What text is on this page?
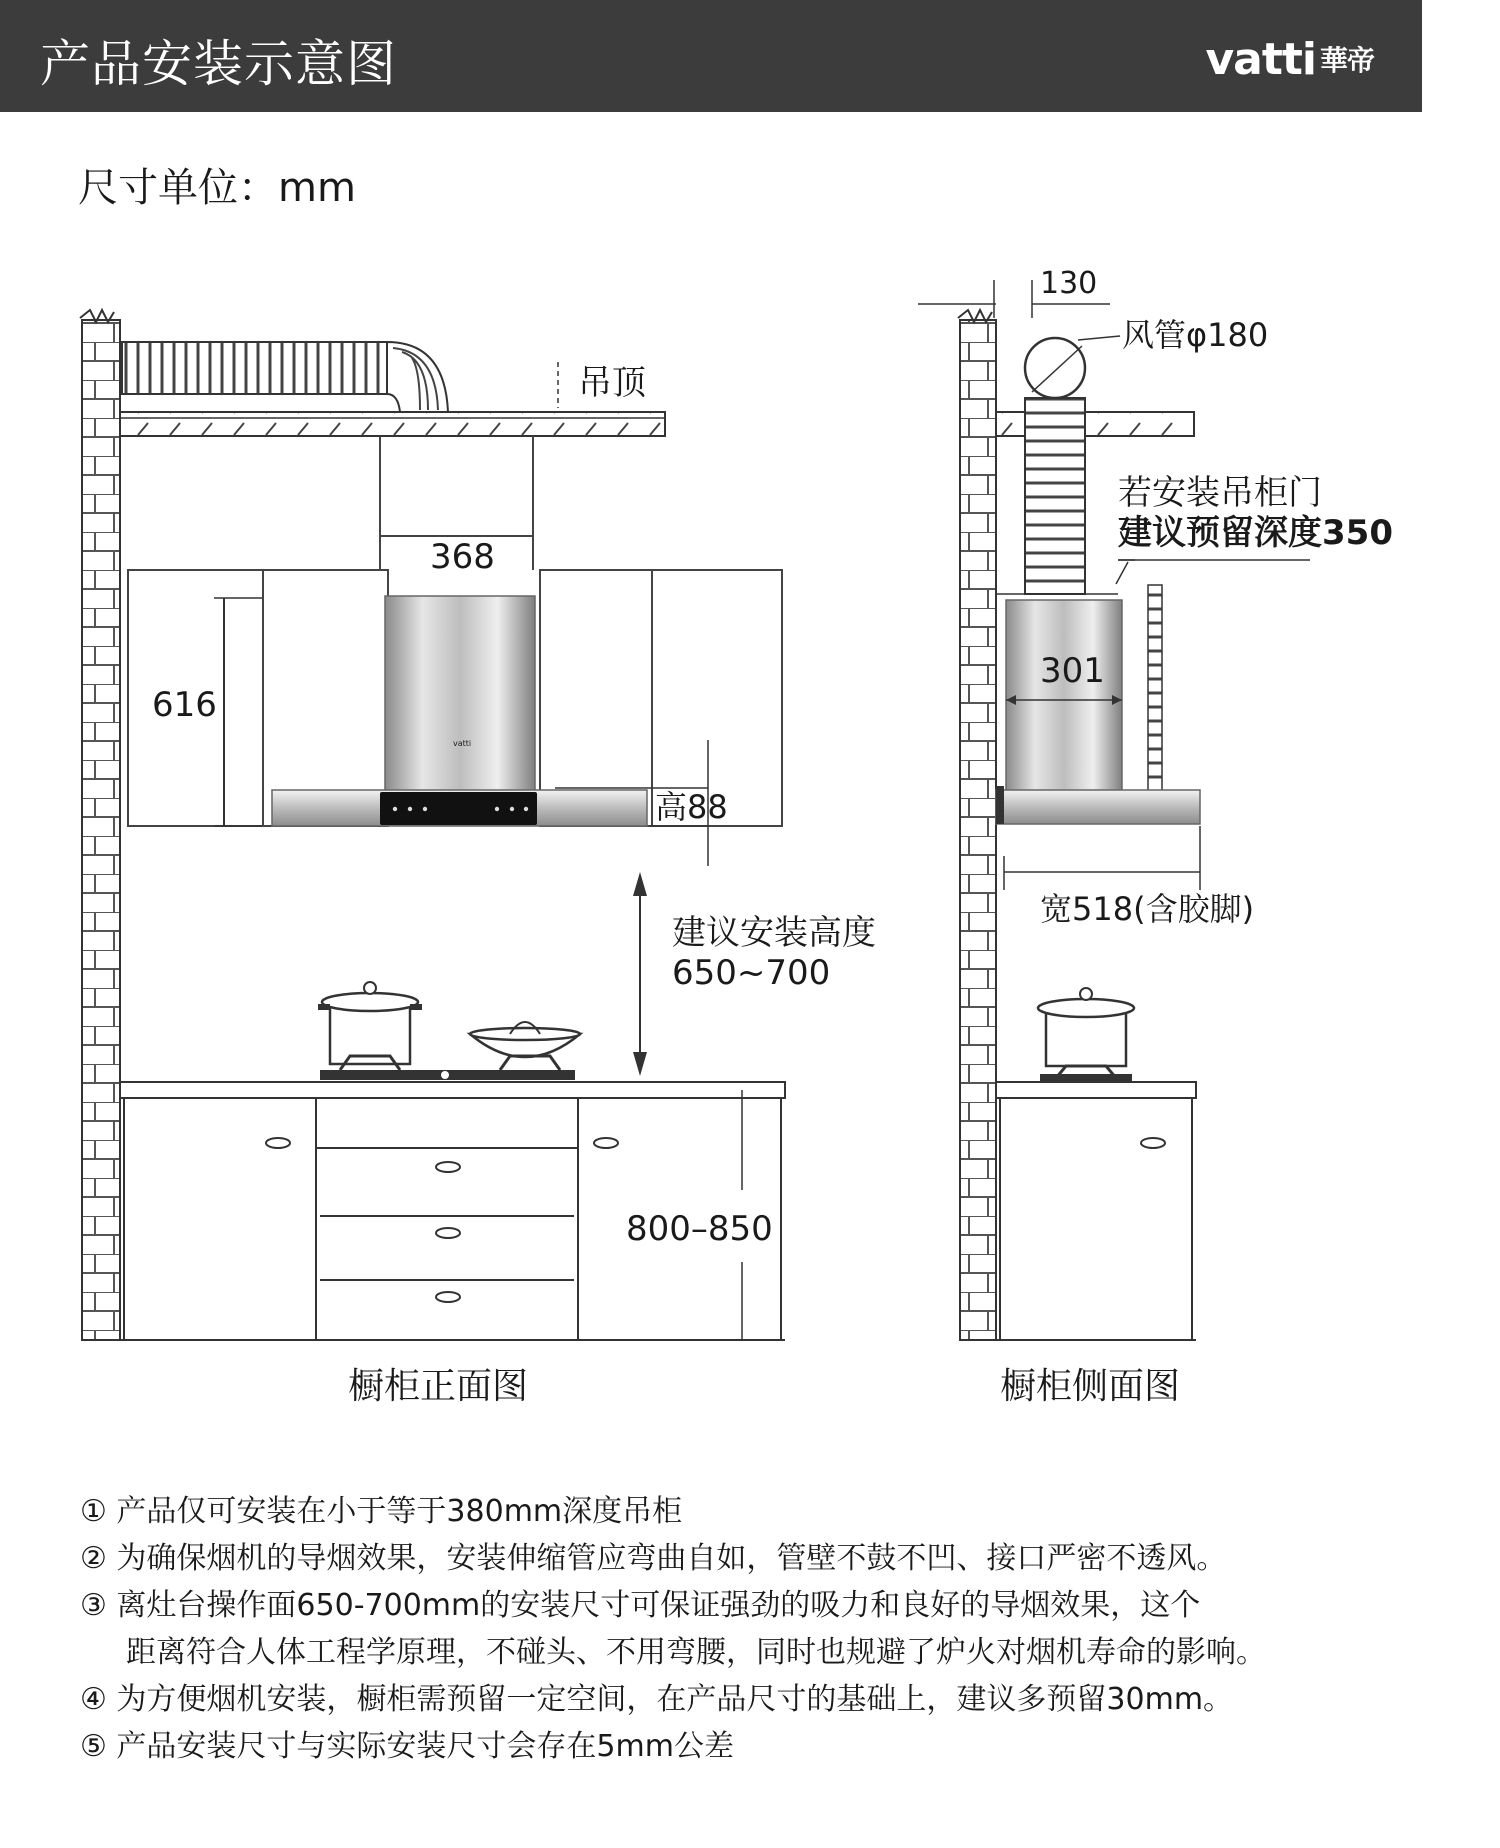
产品安装示意图	vatti 華帝
尺寸单位：mm
吊顶
368
vatti
616
高88
建议安装高度
650~700
800–850
橱柜正面图
130
风管φ180
若安装吊柜门
建议预留深度350
301
宽518(含胶脚)
橱柜侧面图
① 产品仅可安装在小于等于380mm深度吊柜
② 为确保烟机的导烟效果，安装伸缩管应弯曲自如，管壁不鼓不凹、接口严密不透风。
③ 离灶台操作面650-700mm的安装尺寸可保证强劲的吸力和良好的导烟效果，这个
距离符合人体工程学原理，不碰头、不用弯腰，同时也规避了炉火对烟机寿命的影响。
④ 为方便烟机安装，橱柜需预留一定空间，在产品尺寸的基础上，建议多预留30mm。
⑤ 产品安装尺寸与实际安装尺寸会存在5mm公差
